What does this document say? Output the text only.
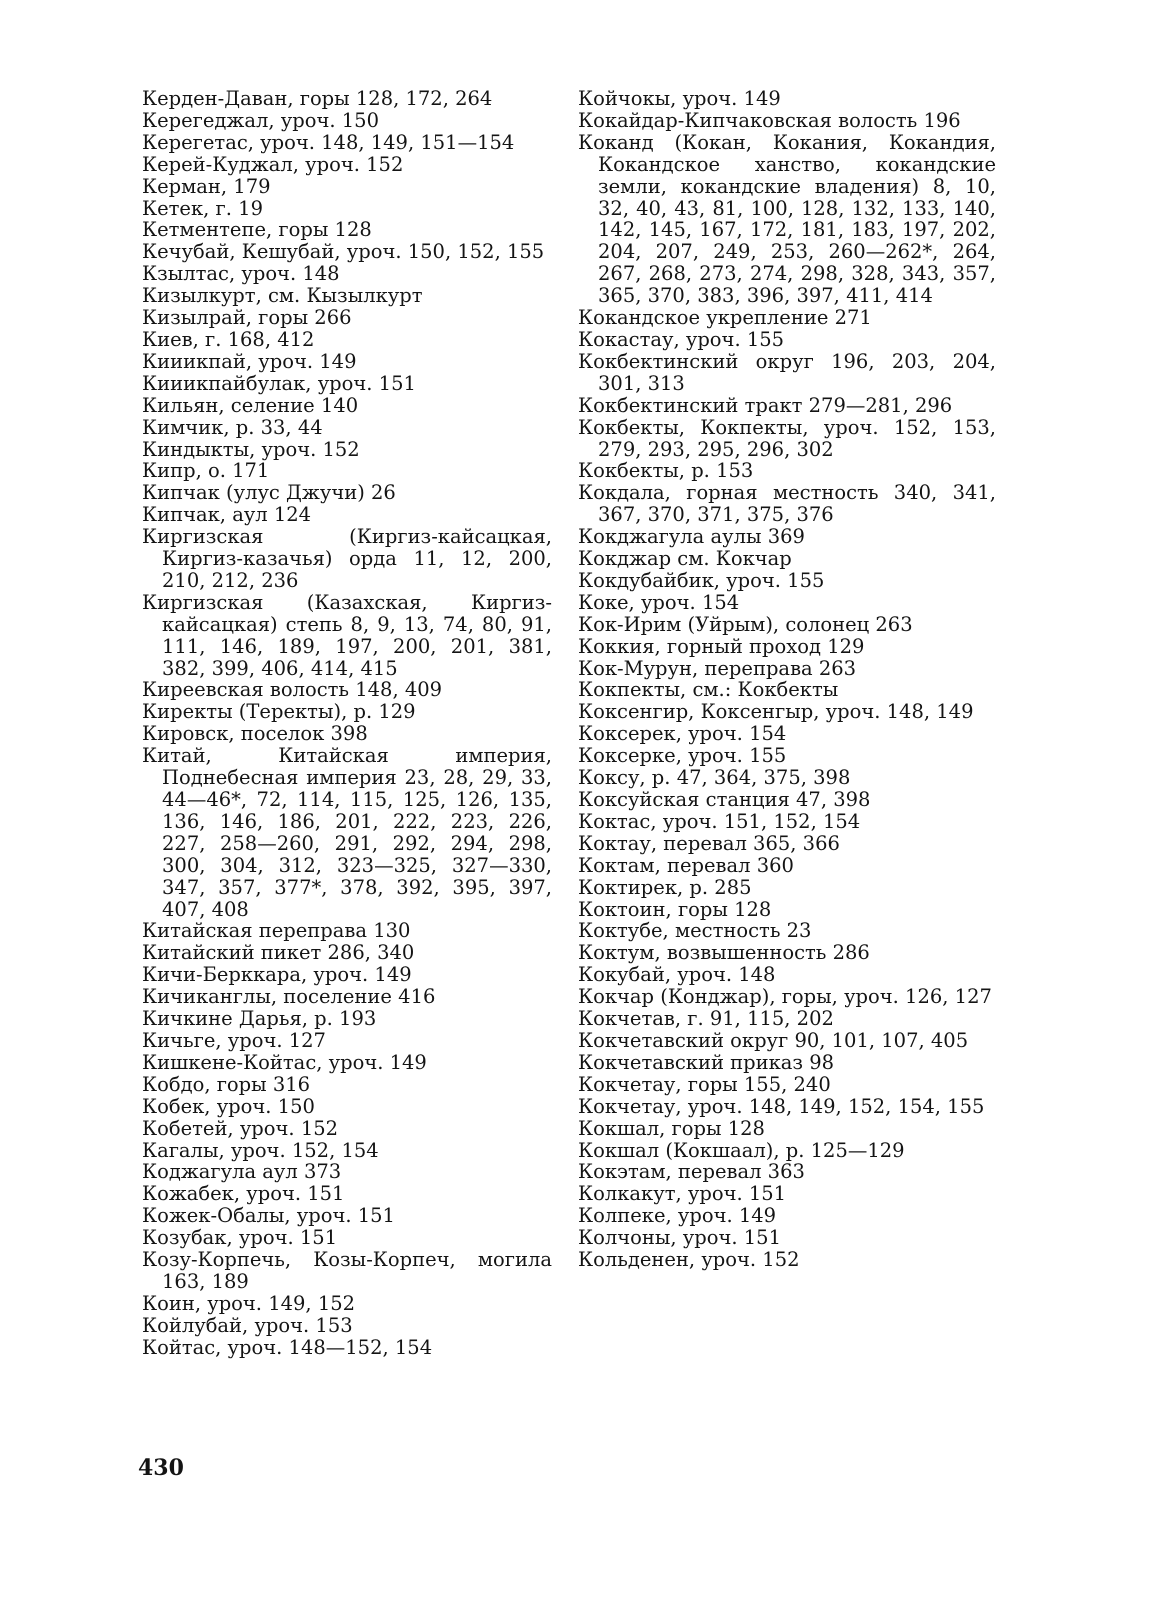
Керден-Даван, горы 128, 172, 264

Керегеджал, уроч. 150

Керегетас, уроч. 148, 149, 151—154

Керей-Куджал, уроч. 152

Керман, 179

Кетек, г. 19

Кетментепе, горы 128

Кечубай, Кешубай, уроч. 150, 152, 155

Кзылтас, уроч. 148

Кизылкурт, см. Кызылкурт

Кизылрай, горы 266

Киев, г. 168, 412

Кииикпай, уроч. 149

Кииикпайбулак, уроч. 151

Кильян, селение 140

Кимчик, р. 33, 44

Киндыкты, уроч. 152

Кипр, о. 171

Кипчак (улус Джучи) 26

Кипчак, аул 124

Киргизская (Киргиз-кайсацкая, Киргиз-казачья) орда 11, 12, 200, 210, 212, 236

Киргизская (Казахская, Киргиз-кайсацкая) степь 8, 9, 13, 74, 80, 91, 111, 146, 189, 197, 200, 201, 381, 382, 399, 406, 414, 415

Киреевская волость 148, 409

Киректы (Теректы), р. 129

Кировск, поселок 398

Китай, Китайская империя, Поднебесная империя 23, 28, 29, 33, 44—46*, 72, 114, 115, 125, 126, 135, 136, 146, 186, 201, 222, 223, 226, 227, 258—260, 291, 292, 294, 298, 300, 304, 312, 323—325, 327—330, 347, 357, 377*, 378, 392, 395, 397, 407, 408

Китайская переправа 130

Китайский пикет 286, 340

Кичи-Берккара, уроч. 149

Кичиканглы, поселение 416

Кичкине Дарья, р. 193

Кичьге, уроч. 127

Кишкене-Койтас, уроч. 149

Кобдо, горы 316

Кобек, уроч. 150

Кобетей, уроч. 152

Кагалы, уроч. 152, 154

Коджагула аул 373

Кожабек, уроч. 151

Кожек-Обалы, уроч. 151

Козубак, уроч. 151

Козу-Корпечь, Козы-Корпеч, могила 163, 189

Коин, уроч. 149, 152

Койлубай, уроч. 153

Койтас, уроч. 148—152, 154

Койчокы, уроч. 149

Кокайдар-Кипчаковская волость 196

Коканд (Кокан, Кокания, Кокандия, Кокандское ханство, кокандские земли, кокандские владения) 8, 10, 32, 40, 43, 81, 100, 128, 132, 133, 140, 142, 145, 167, 172, 181, 183, 197, 202, 204, 207, 249, 253, 260—262*, 264, 267, 268, 273, 274, 298, 328, 343, 357, 365, 370, 383, 396, 397, 411, 414

Кокандское укрепление 271

Кокастау, уроч. 155

Кокбектинский округ 196, 203, 204, 301, 313

Кокбектинский тракт 279—281, 296

Кокбекты, Кокпекты, уроч. 152, 153, 279, 293, 295, 296, 302

Кокбекты, р. 153

Кокдала, горная местность 340, 341, 367, 370, 371, 375, 376

Кокджагула аулы 369

Кокджар см. Кокчар

Кокдубайбик, уроч. 155

Коке, уроч. 154

Кок-Ирим (Уйрым), солонец 263

Коккия, горный проход 129

Кок-Мурун, переправа 263

Кокпекты, см.: Кокбекты

Коксенгир, Коксенгыр, уроч. 148, 149

Коксерек, уроч. 154

Коксерке, уроч. 155

Коксу, р. 47, 364, 375, 398

Коксуйская станция 47, 398

Коктас, уроч. 151, 152, 154

Коктау, перевал 365, 366

Коктам, перевал 360

Коктирек, р. 285

Коктоин, горы 128

Коктубе, местность 23

Коктум, возвышенность 286

Кокубай, уроч. 148

Кокчар (Конджар), горы, уроч. 126, 127

Кокчетав, г. 91, 115, 202

Кокчетавский округ 90, 101, 107, 405

Кокчетавский приказ 98

Кокчетау, горы 155, 240

Кокчетау, уроч. 148, 149, 152, 154, 155

Кокшал, горы 128

Кокшал (Кокшаал), р. 125—129

Кокэтам, перевал 363

Колкакут, уроч. 151

Колпеке, уроч. 149

Колчоны, уроч. 151

Кольденен, уроч. 152

430
